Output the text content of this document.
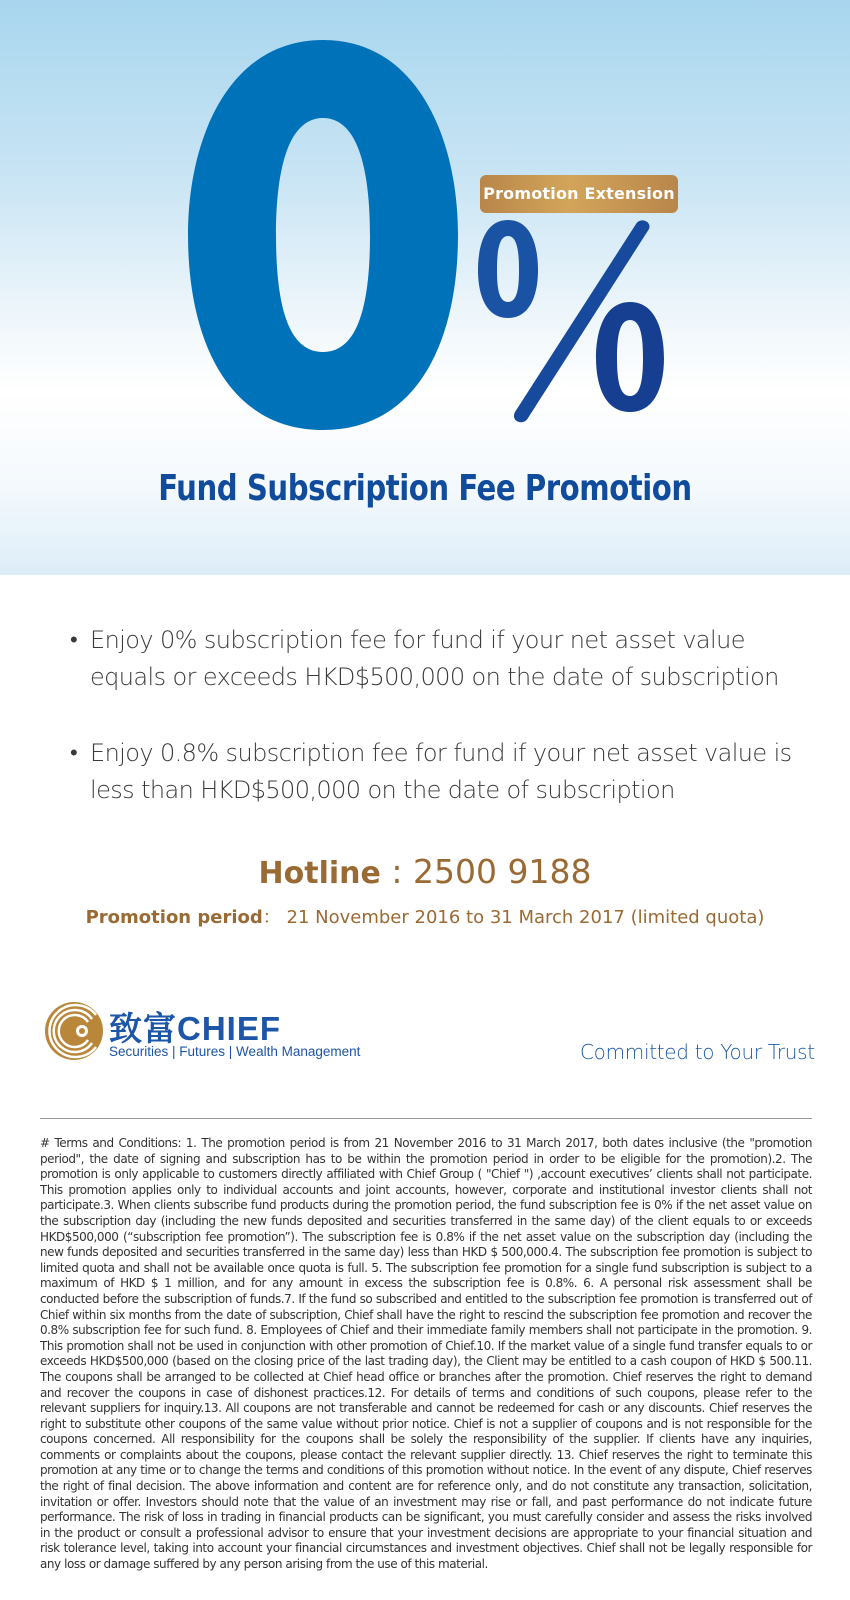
Promotion Extension
Fund Subscription Fee Promotion
• Enjoy 0% subscription fee for fund if your net asset value equals or exceeds HKD$500,000 on the date of subscription
• Enjoy 0.8% subscription fee for fund if your net asset value is less than HKD$500,000 on the date of subscription
Hotline : 2500 9188
Promotion period： 21 November 2016 to 31 March 2017 (limited quota)
致富CHIEF
Securities | Futures | Wealth Management	Committed to Your Trust
# Terms and Conditions: 1. The promotion period is from 21 November 2016 to 31 March 2017, both dates inclusive (the "promotion period", the date of signing and subscription has to be within the promotion period in order to be eligible for the promotion).2. The promotion is only applicable to customers directly affiliated with Chief Group ( "Chief ") ,account executives’ clients shall not participate. This promotion applies only to individual accounts and joint accounts, however, corporate and institutional investor clients shall not participate.3. When clients subscribe fund products during the promotion period, the fund subscription fee is 0% if the net asset value on the subscription day (including the new funds deposited and securities transferred in the same day) of the client equals to or exceeds HKD$500,000 (“subscription fee promotion”). The subscription fee is 0.8% if the net asset value on the subscription day (including the new funds deposited and securities transferred in the same day) less than HKD $ 500,000.4. The subscription fee promotion is subject to limited quota and shall not be available once quota is full. 5. The subscription fee promotion for a single fund subscription is subject to a maximum of HKD $ 1 million, and for any amount in excess the subscription fee is 0.8%. 6. A personal risk assessment shall be conducted before the subscription of funds.7. If the fund so subscribed and entitled to the subscription fee promotion is transferred out of Chief within six months from the date of subscription, Chief shall have the right to rescind the subscription fee promotion and recover the 0.8% subscription fee for such fund. 8. Employees of Chief and their immediate family members shall not participate in the promotion. 9. This promotion shall not be used in conjunction with other promotion of Chief.10. If the market value of a single fund transfer equals to or exceeds HKD$500,000 (based on the closing price of the last trading day), the Client may be entitled to a cash coupon of HKD $ 500.11. The coupons shall be arranged to be collected at Chief head office or branches after the promotion. Chief reserves the right to demand and recover the coupons in case of dishonest practices.12. For details of terms and conditions of such coupons, please refer to the relevant suppliers for inquiry.13. All coupons are not transferable and cannot be redeemed for cash or any discounts. Chief reserves the right to substitute other coupons of the same value without prior notice. Chief is not a supplier of coupons and is not responsible for the coupons concerned. All responsibility for the coupons shall be solely the responsibility of the supplier. If clients have any inquiries, comments or complaints about the coupons, please contact the relevant supplier directly. 13. Chief reserves the right to terminate this promotion at any time or to change the terms and conditions of this promotion without notice. In the event of any dispute, Chief reserves the right of final decision. The above information and content are for reference only, and do not constitute any transaction, solicitation, invitation or offer. Investors should note that the value of an investment may rise or fall, and past performance do not indicate future performance. The risk of loss in trading in financial products can be significant, you must carefully consider and assess the risks involved in the product or consult a professional advisor to ensure that your investment decisions are appropriate to your financial situation and risk tolerance level, taking into account your financial circumstances and investment objectives. Chief shall not be legally responsible for any loss or damage suffered by any person arising from the use of this material.
